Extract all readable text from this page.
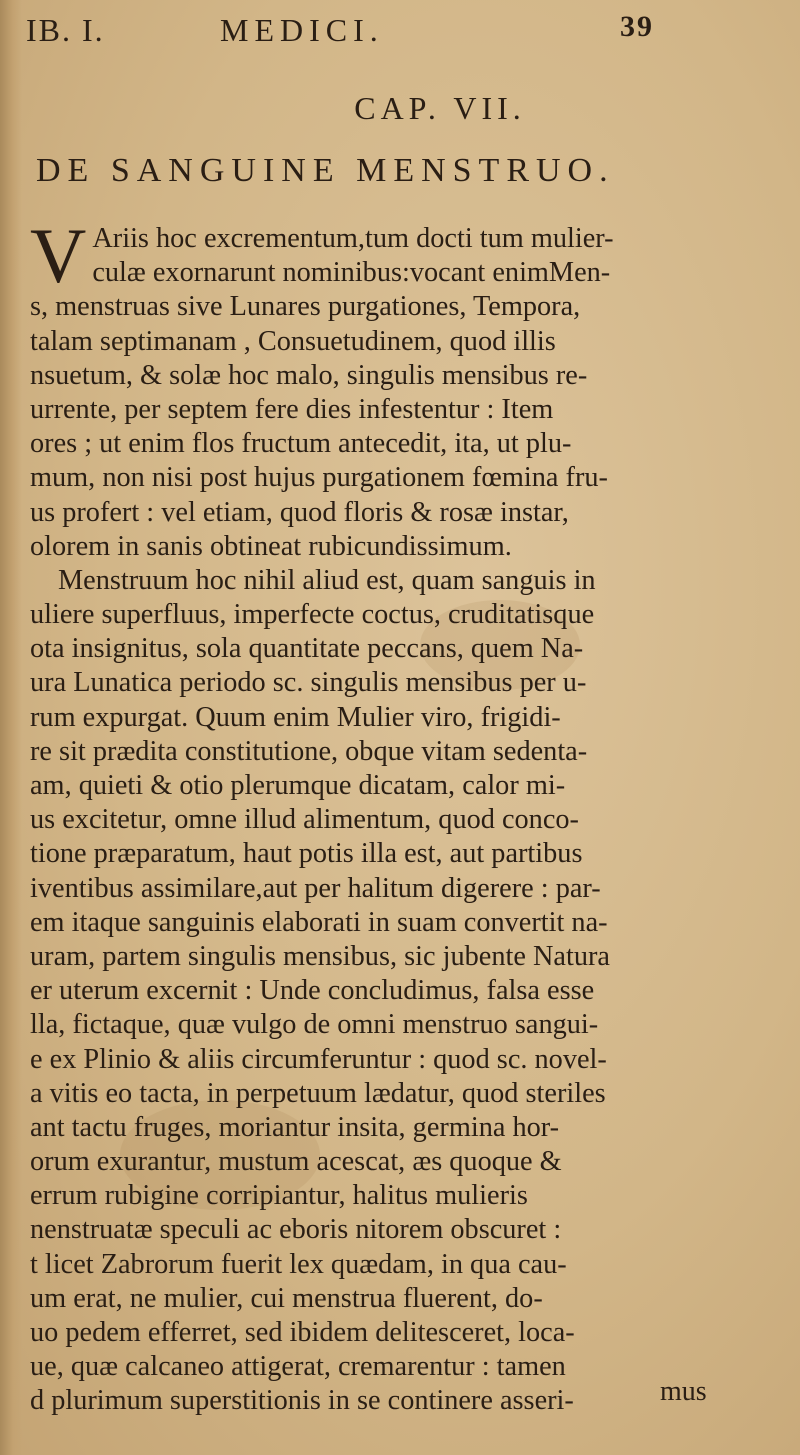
IB. I.	MEDICI.	39
CAP. VII.
DE SANGUINE MENSTRUO.
V Ariis hoc excrementum,tum docti tum mulier-
culæ exornarunt nominibus:vocant enimMen-
s, menstruas sive Lunares purgationes, Tempora,
talam septimanam , Consuetudinem, quod illis
nsuetum, & solæ hoc malo, singulis mensibus re-
urrente, per septem fere dies infestentur : Item
ores ; ut enim flos fructum antecedit, ita, ut plu-
mum, non nisi post hujus purgationem fœmina fru-
us profert : vel etiam, quod floris & rosæ instar,
olorem in sanis obtineat rubicundissimum.
Menstruum hoc nihil aliud est, quam sanguis in
uliere superfluus, imperfecte coctus, cruditatisque
ota insignitus, sola quantitate peccans, quem Na-
ura Lunatica periodo sc. singulis mensibus per u-
rum expurgat. Quum enim Mulier viro, frigidi-
re sit prædita constitutione, obque vitam sedenta-
am, quieti & otio plerumque dicatam, calor mi-
us excitetur, omne illud alimentum, quod conco-
tione præparatum, haut potis illa est, aut partibus
iventibus assimilare,aut per halitum digerere : par-
em itaque sanguinis elaborati in suam convertit na-
uram, partem singulis mensibus, sic jubente Natura
er uterum excernit : Unde concludimus, falsa esse
lla, fictaque, quæ vulgo de omni menstruo sangui-
e ex Plinio & aliis circumferuntur : quod sc. novel-
a vitis eo tacta, in perpetuum lædatur, quod steriles
ant tactu fruges, moriantur insita, germina hor-
orum exurantur, mustum acescat, æs quoque &
errum rubigine corripiantur, halitus mulieris
nenstruatæ speculi ac eboris nitorem obscuret :
t licet Zabrorum fuerit lex quædam, in qua cau-
um erat, ne mulier, cui menstrua fluerent, do-
uo pedem efferret, sed ibidem delitesceret, loca-
ue, quæ calcaneo attigerat, cremarentur : tamen
d plurimum superstitionis in se continere asseri-	mus
